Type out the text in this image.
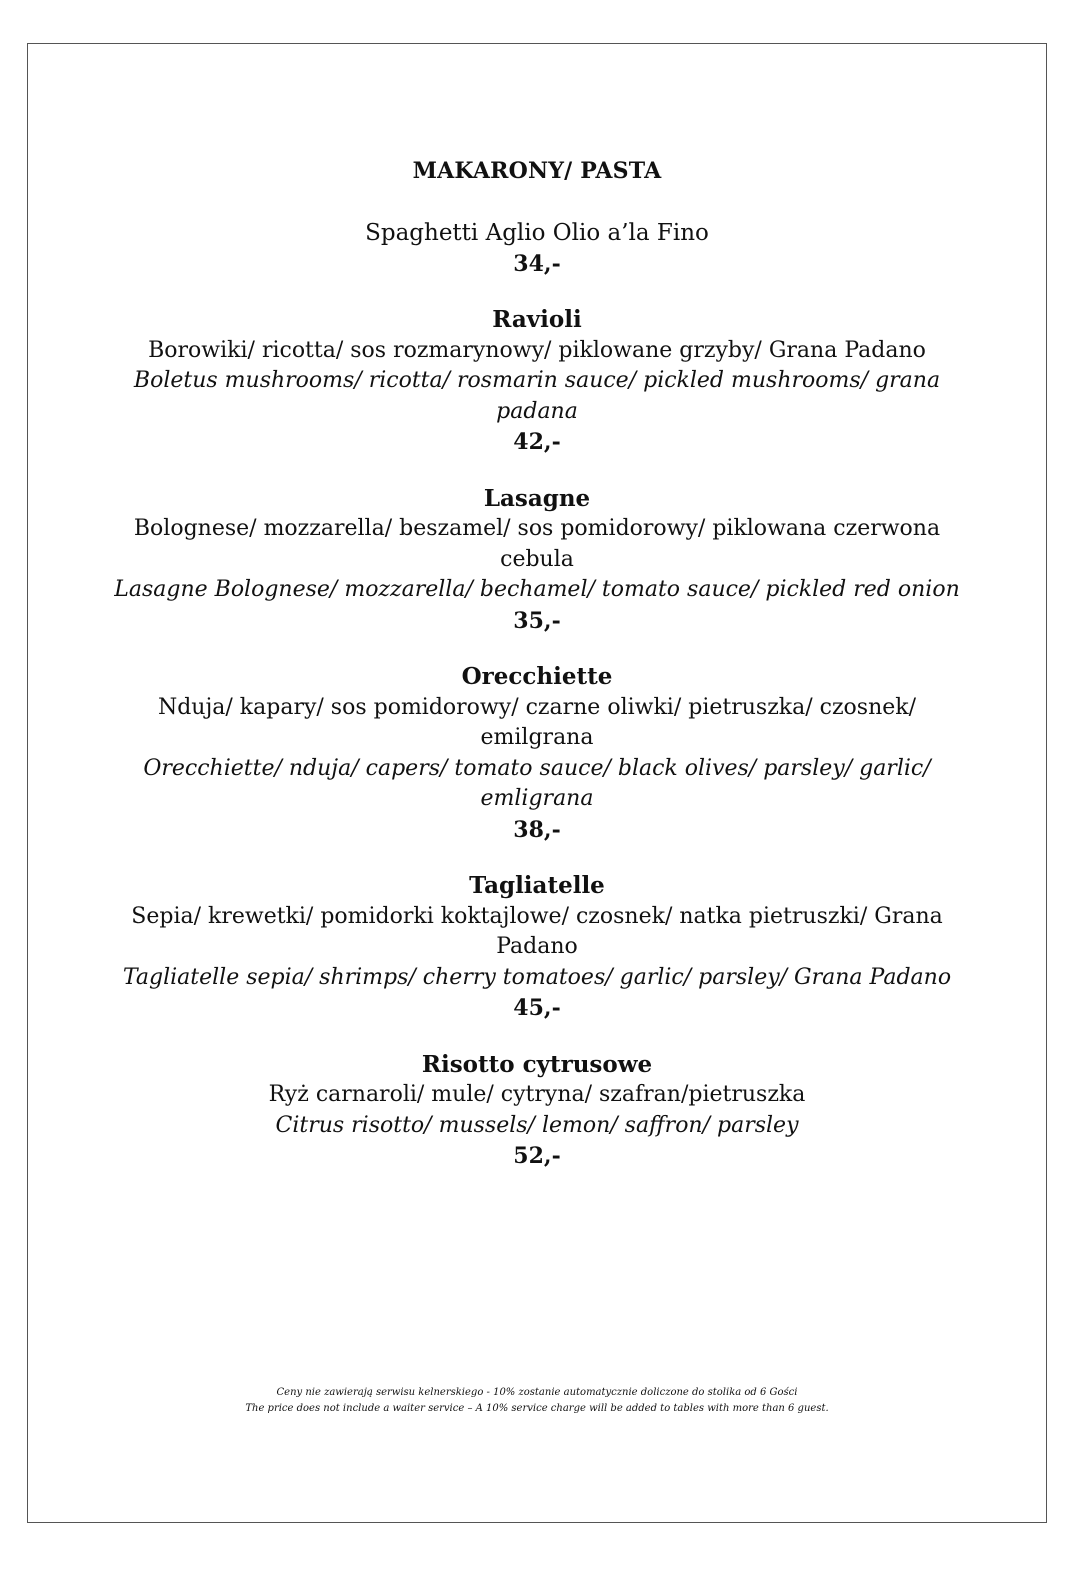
MAKARONY/ PASTA
Spaghetti Aglio Olio a’la Fino
34,-
Ravioli
Borowiki/ ricotta/ sos rozmarynowy/ piklowane grzyby/ Grana Padano
Boletus mushrooms/ ricotta/ rosmarin sauce/ pickled mushrooms/ grana padana
42,-
Lasagne
Bolognese/ mozzarella/ beszamel/ sos pomidorowy/ piklowana czerwona cebula
Lasagne Bolognese/ mozzarella/ bechamel/ tomato sauce/ pickled red onion
35,-
Orecchiette
Nduja/ kapary/ sos pomidorowy/ czarne oliwki/ pietruszka/ czosnek/ emilgrana
Orecchiette/ nduja/ capers/ tomato sauce/ black olives/ parsley/ garlic/ emligrana
38,-
Tagliatelle
Sepia/ krewetki/ pomidorki koktajlowe/ czosnek/ natka pietruszki/ Grana Padano
Tagliatelle sepia/ shrimps/ cherry tomatoes/ garlic/ parsley/ Grana Padano
45,-
Risotto cytrusowe
Ryż carnaroli/ mule/ cytryna/ szafran/pietruszka
Citrus risotto/ mussels/ lemon/ saffron/ parsley
52,-
Ceny nie zawierają serwisu kelnerskiego - 10% zostanie automatycznie doliczone do stolika od 6 Gości
The price does not include a waiter service – A 10% service charge will be added to tables with more than 6 guest.
